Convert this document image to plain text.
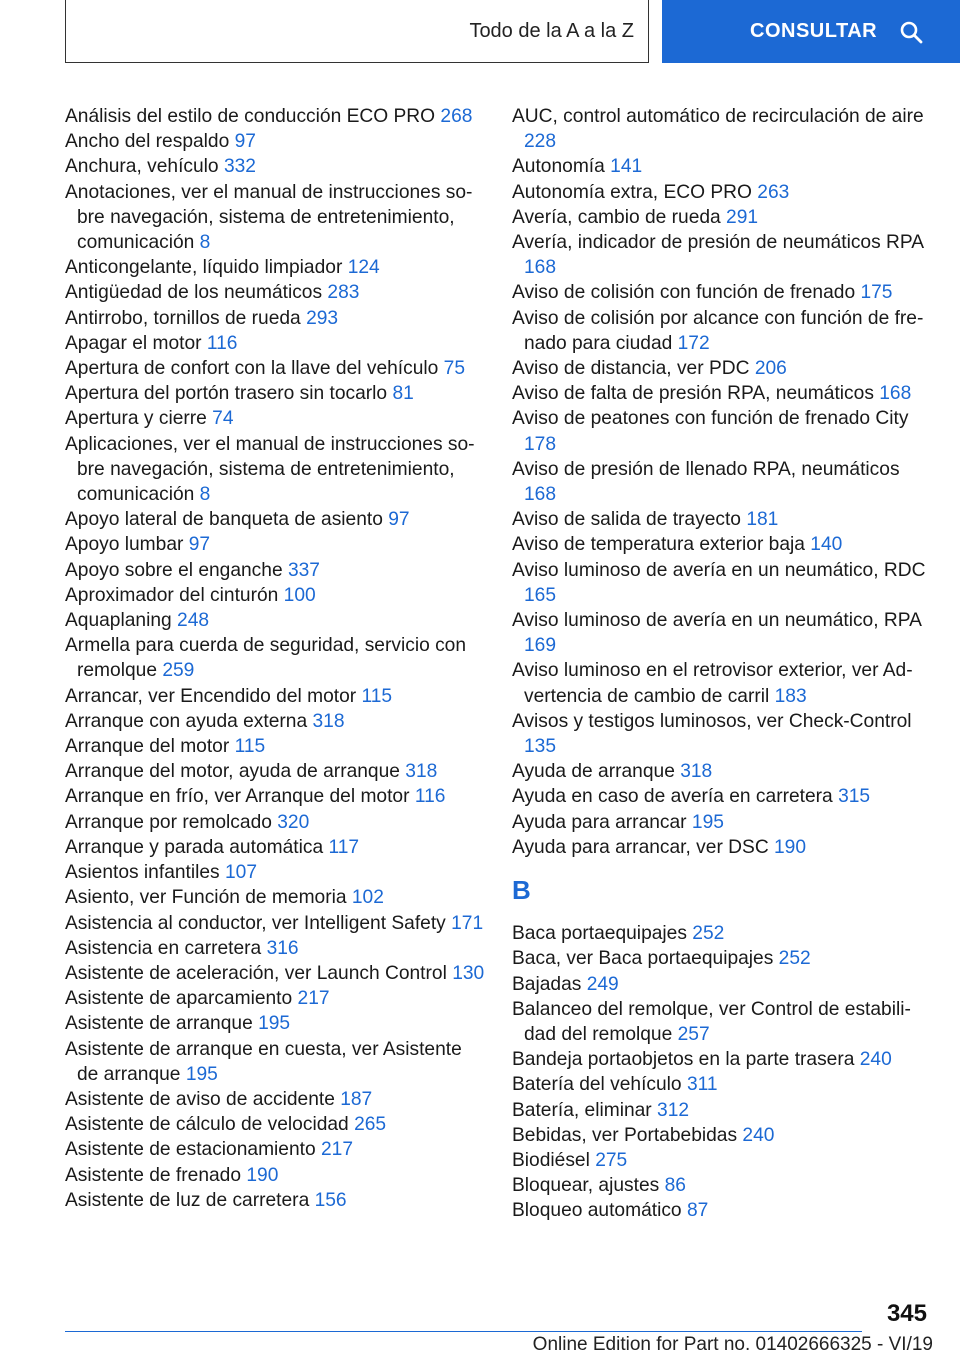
Todo de la A a la Z	CONSULTAR
Análisis del estilo de conducción ECO PRO 268
Ancho del respaldo 97
Anchura, vehículo 332
Anotaciones, ver el manual de instrucciones sobre navegación, sistema de entretenimiento, comunicación 8
Anticongelante, líquido limpiador 124
Antigüedad de los neumáticos 283
Antirrobo, tornillos de rueda 293
Apagar el motor 116
Apertura de confort con la llave del vehículo 75
Apertura del portón trasero sin tocarlo 81
Apertura y cierre 74
Aplicaciones, ver el manual de instrucciones sobre navegación, sistema de entretenimiento, comunicación 8
Apoyo lateral de banqueta de asiento 97
Apoyo lumbar 97
Apoyo sobre el enganche 337
Aproximador del cinturón 100
Aquaplaning 248
Armella para cuerda de seguridad, servicio con remolque 259
Arrancar, ver Encendido del motor 115
Arranque con ayuda externa 318
Arranque del motor 115
Arranque del motor, ayuda de arranque 318
Arranque en frío, ver Arranque del motor 116
Arranque por remolcado 320
Arranque y parada automática 117
Asientos infantiles 107
Asiento, ver Función de memoria 102
Asistencia al conductor, ver Intelligent Safety 171
Asistencia en carretera 316
Asistente de aceleración, ver Launch Control 130
Asistente de aparcamiento 217
Asistente de arranque 195
Asistente de arranque en cuesta, ver Asistente de arranque 195
Asistente de aviso de accidente 187
Asistente de cálculo de velocidad 265
Asistente de estacionamiento 217
Asistente de frenado 190
Asistente de luz de carretera 156
AUC, control automático de recirculación de aire 228
Autonomía 141
Autonomía extra, ECO PRO 263
Avería, cambio de rueda 291
Avería, indicador de presión de neumáticos RPA 168
Aviso de colisión con función de frenado 175
Aviso de colisión por alcance con función de frenado para ciudad 172
Aviso de distancia, ver PDC 206
Aviso de falta de presión RPA, neumáticos 168
Aviso de peatones con función de frenado City 178
Aviso de presión de llenado RPA, neumáticos 168
Aviso de salida de trayecto 181
Aviso de temperatura exterior baja 140
Aviso luminoso de avería en un neumático, RDC 165
Aviso luminoso de avería en un neumático, RPA 169
Aviso luminoso en el retrovisor exterior, ver Advertencia de cambio de carril 183
Avisos y testigos luminosos, ver Check-Control 135
Ayuda de arranque 318
Ayuda en caso de avería en carretera 315
Ayuda para arrancar 195
Ayuda para arrancar, ver DSC 190
B
Baca portaequipajes 252
Baca, ver Baca portaequipajes 252
Bajadas 249
Balanceo del remolque, ver Control de estabilidad del remolque 257
Bandeja portaobjetos en la parte trasera 240
Batería del vehículo 311
Batería, eliminar 312
Bebidas, ver Portabebidas 240
Biodiésel 275
Bloquear, ajustes 86
Bloqueo automático 87
345
Online Edition for Part no. 01402666325 - VI/19
